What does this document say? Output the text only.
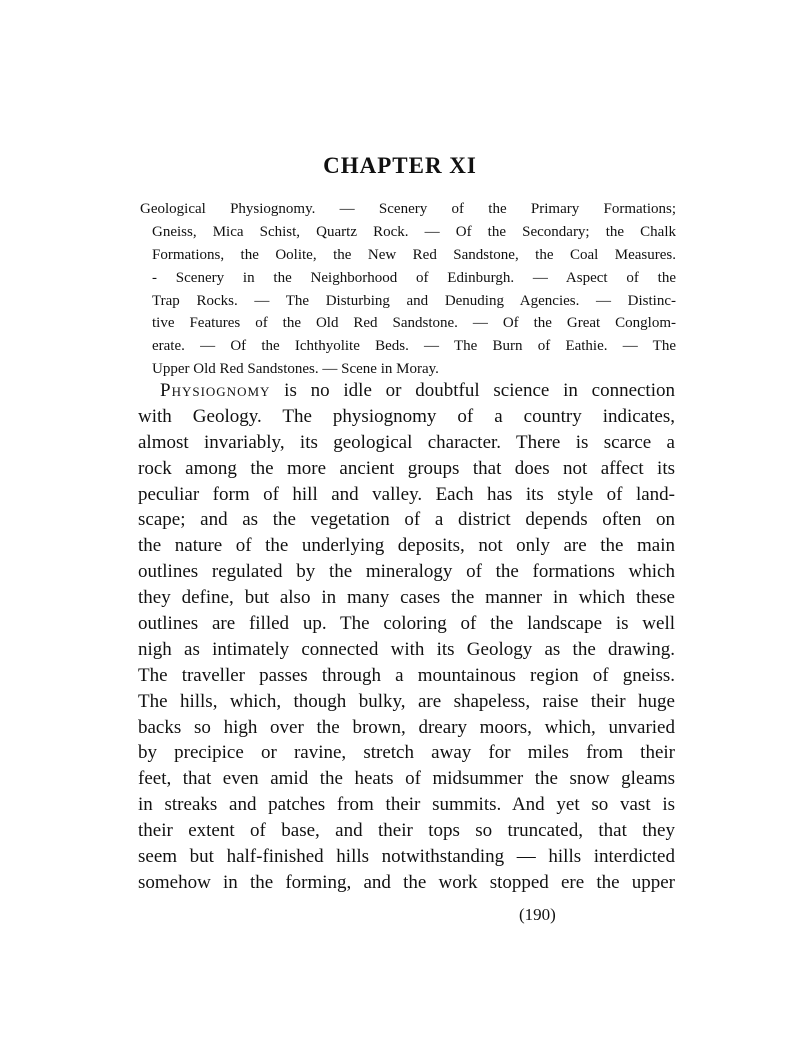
CHAPTER XI
Geological Physiognomy. — Scenery of the Primary Formations;
Gneiss, Mica Schist, Quartz Rock. — Of the Secondary; the Chalk
Formations, the Oolite, the New Red Sandstone, the Coal Measures.
- Scenery in the Neighborhood of Edinburgh. — Aspect of the
Trap Rocks. — The Disturbing and Denuding Agencies. — Distinc-
tive Features of the Old Red Sandstone. — Of the Great Conglom-
erate. — Of the Ichthyolite Beds. — The Burn of Eathie. — The
Upper Old Red Sandstones. — Scene in Moray.
Physiognomy is no idle or doubtful science in connection
with Geology. The physiognomy of a country indicates,
almost invariably, its geological character. There is scarce a
rock among the more ancient groups that does not affect its
peculiar form of hill and valley. Each has its style of land-
scape; and as the vegetation of a district depends often on
the nature of the underlying deposits, not only are the main
outlines regulated by the mineralogy of the formations which
they define, but also in many cases the manner in which these
outlines are filled up. The coloring of the landscape is well
nigh as intimately connected with its Geology as the drawing.
The traveller passes through a mountainous region of gneiss.
The hills, which, though bulky, are shapeless, raise their huge
backs so high over the brown, dreary moors, which, unvaried
by precipice or ravine, stretch away for miles from their
feet, that even amid the heats of midsummer the snow gleams
in streaks and patches from their summits. And yet so vast is
their extent of base, and their tops so truncated, that they
seem but half-finished hills notwithstanding — hills interdicted
somehow in the forming, and the work stopped ere the upper
(190)
